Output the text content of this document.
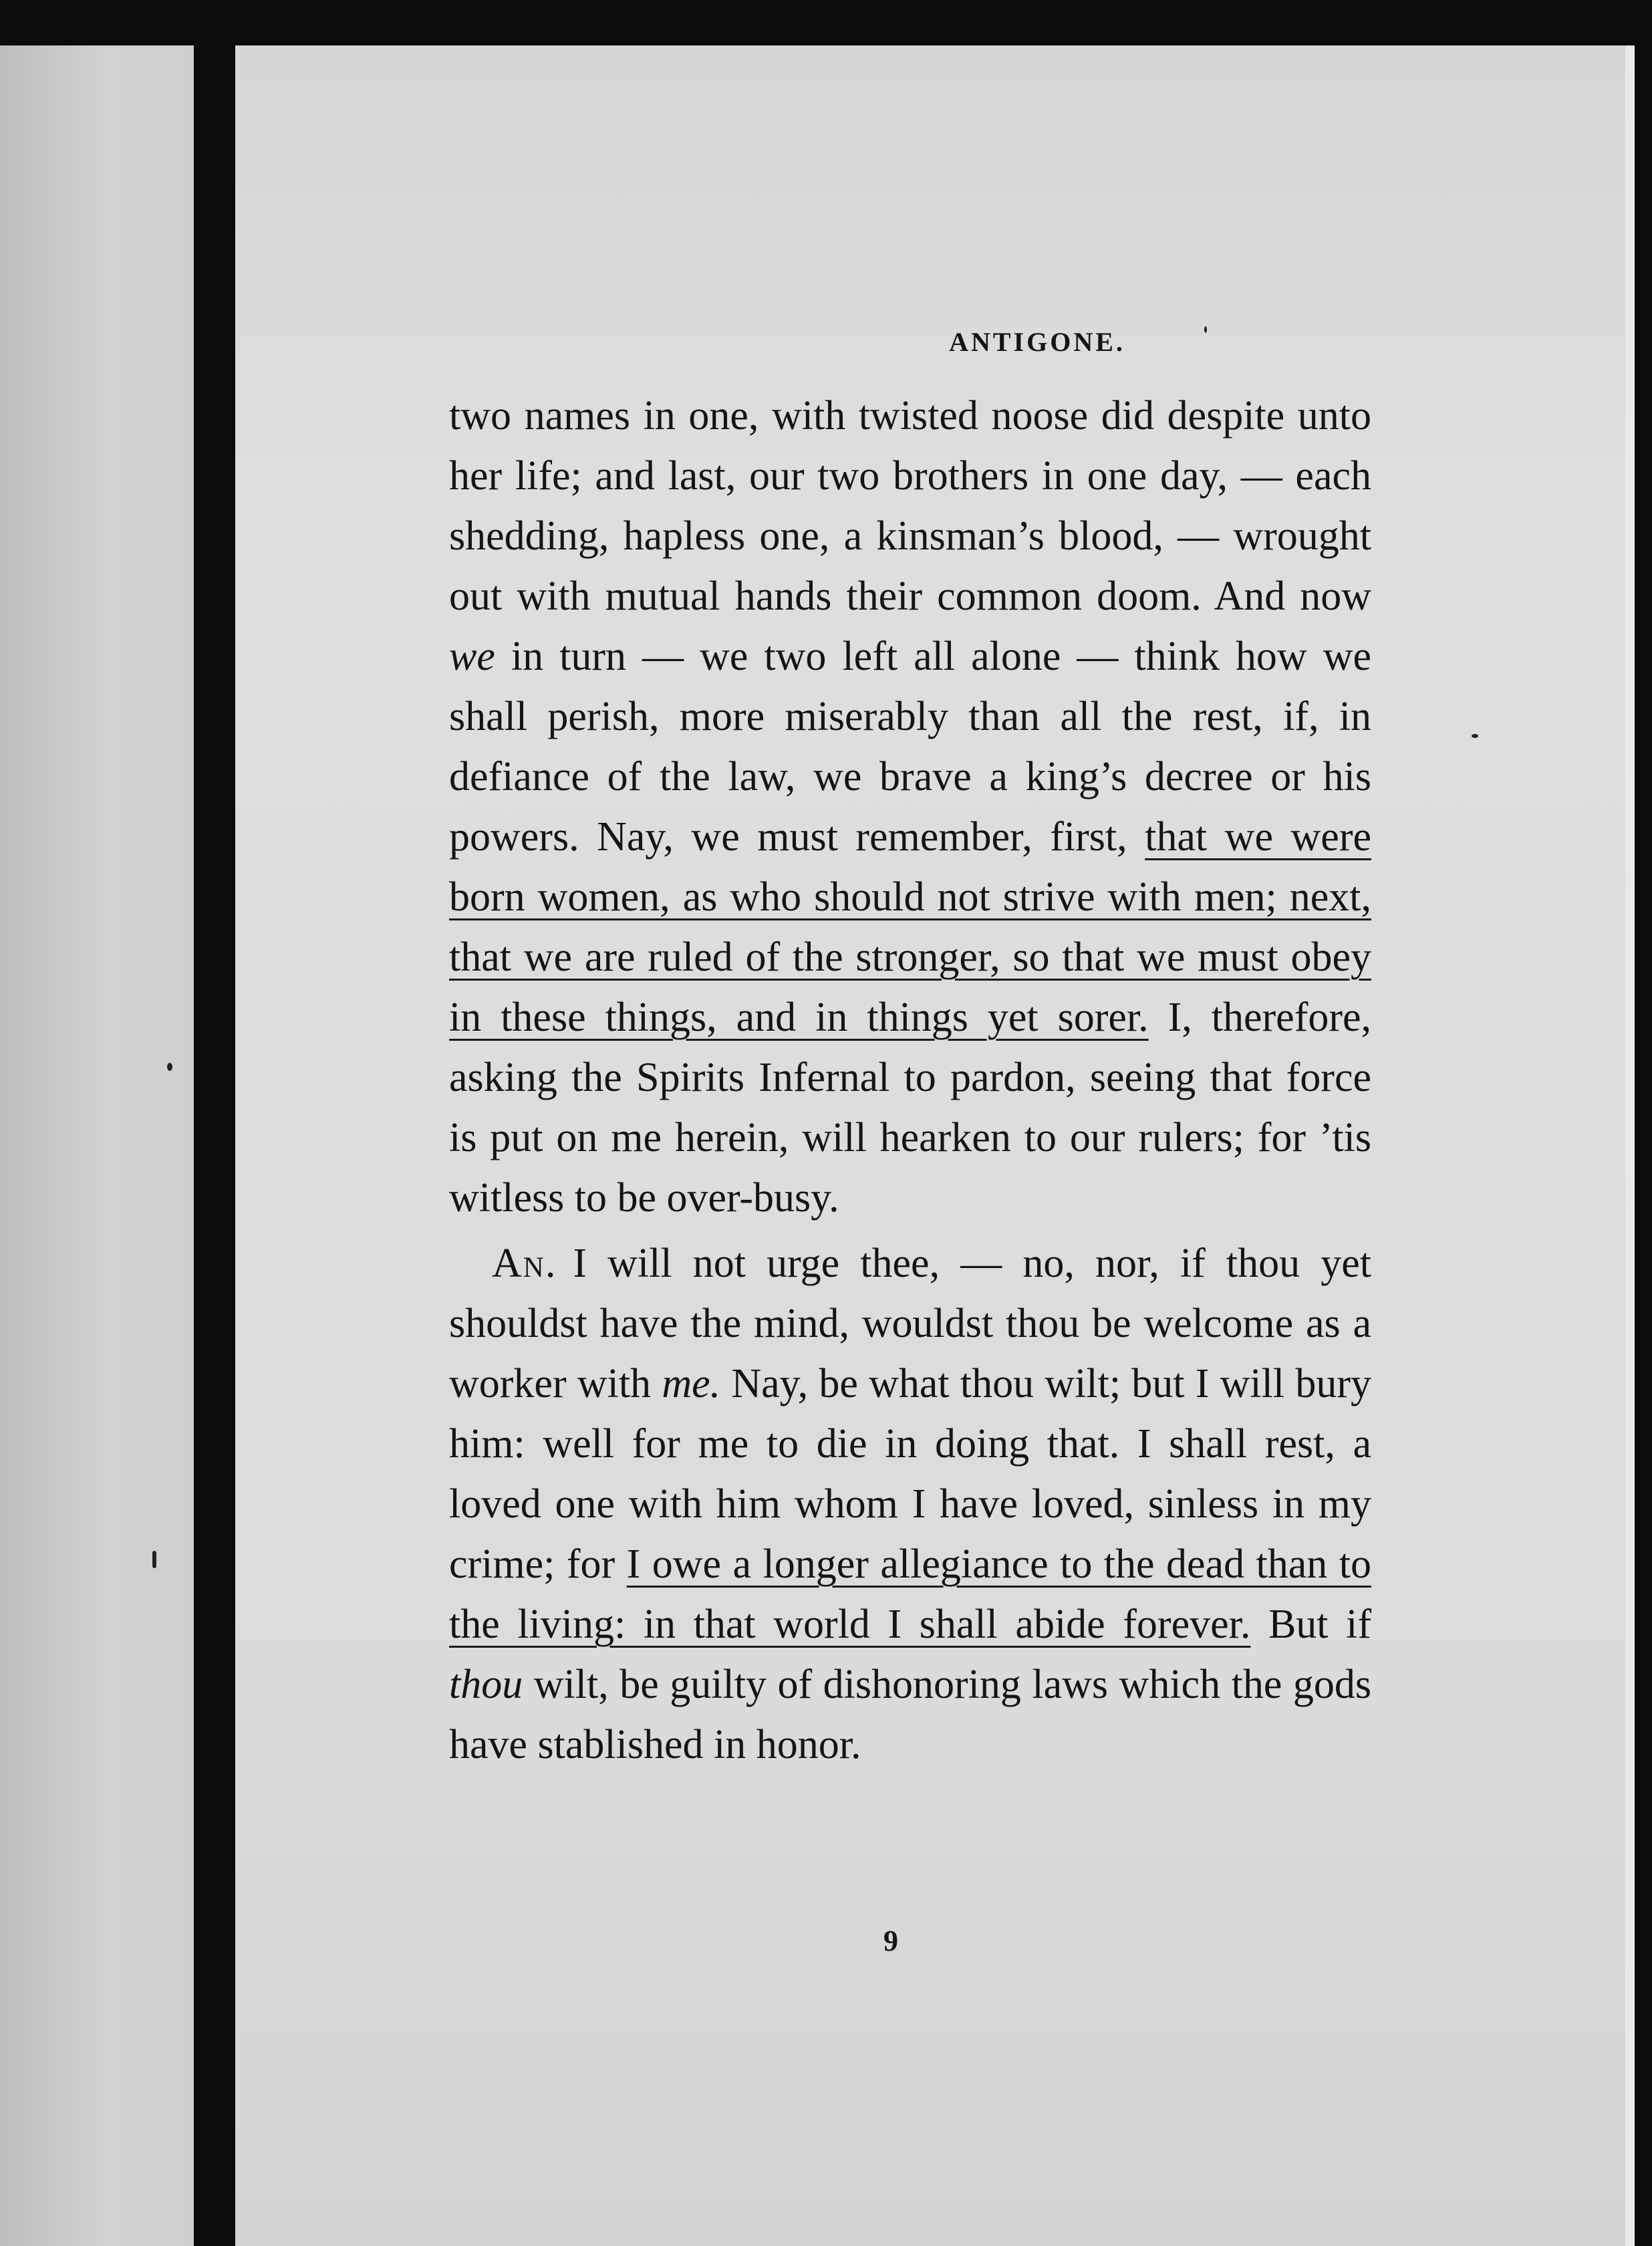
ANTIGONE.

two names in one, with twisted noose did despite unto her life; and last, our two brothers in one day, — each shedding, hapless one, a kinsman’s blood, — wrought out with mutual hands their common doom. And now we in turn — we two left all alone — think how we shall perish, more miserably than all the rest, if, in defiance of the law, we brave a king’s decree or his powers. Nay, we must remember, first, that we were born women, as who should not strive with men; next, that we are ruled of the stronger, so that we must obey in these things, and in things yet sorer. I, therefore, asking the Spirits Infernal to pardon, seeing that force is put on me herein, will hearken to our rulers; for ’tis witless to be over-busy.

An. I will not urge thee, — no, nor, if thou yet shouldst have the mind, wouldst thou be welcome as a worker with me. Nay, be what thou wilt; but I will bury him: well for me to die in doing that. I shall rest, a loved one with him whom I have loved, sinless in my crime; for I owe a longer allegiance to the dead than to the living: in that world I shall abide forever. But if thou wilt, be guilty of dishonoring laws which the gods have stablished in honor.

9
